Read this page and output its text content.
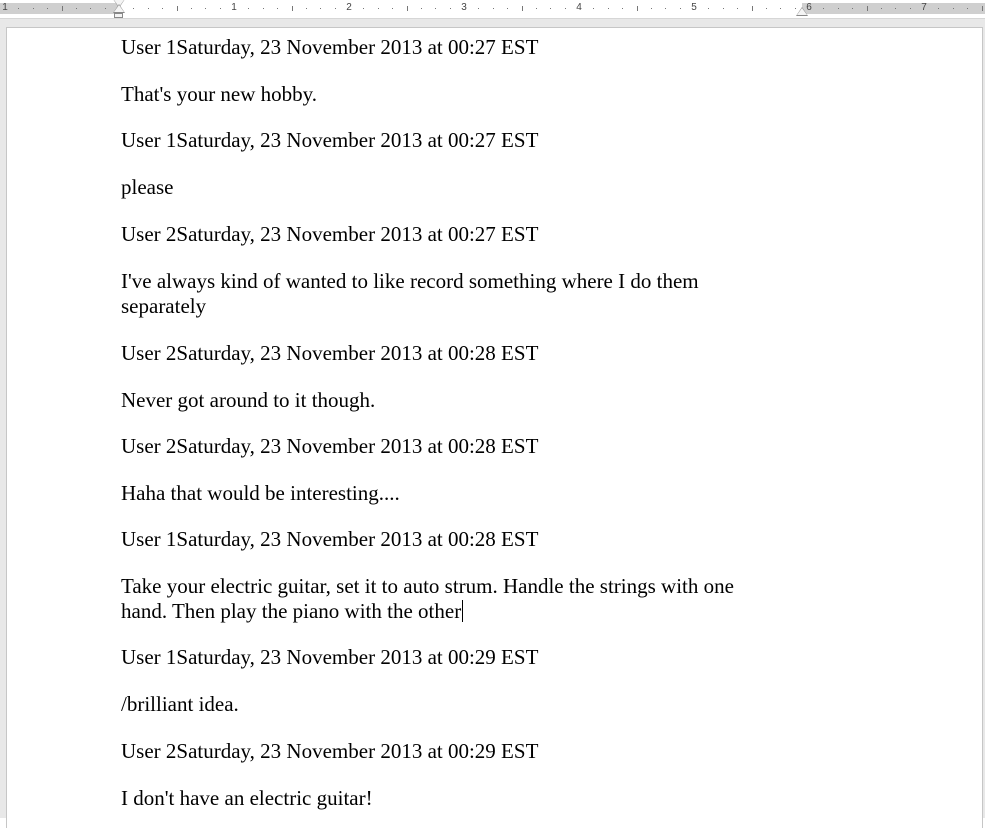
1	1	2	3	4	5	6	7

User 1Saturday, 23 November 2013 at 00:27 EST

That's your new hobby.

User 1Saturday, 23 November 2013 at 00:27 EST

please

User 2Saturday, 23 November 2013 at 00:27 EST

I've always kind of wanted to like record something where I do them separately

User 2Saturday, 23 November 2013 at 00:28 EST

Never got around to it though.

User 2Saturday, 23 November 2013 at 00:28 EST

Haha that would be interesting....

User 1Saturday, 23 November 2013 at 00:28 EST

Take your electric guitar, set it to auto strum. Handle the strings with one hand. Then play the piano with the other

User 1Saturday, 23 November 2013 at 00:29 EST

/brilliant idea.

User 2Saturday, 23 November 2013 at 00:29 EST

I don't have an electric guitar!
